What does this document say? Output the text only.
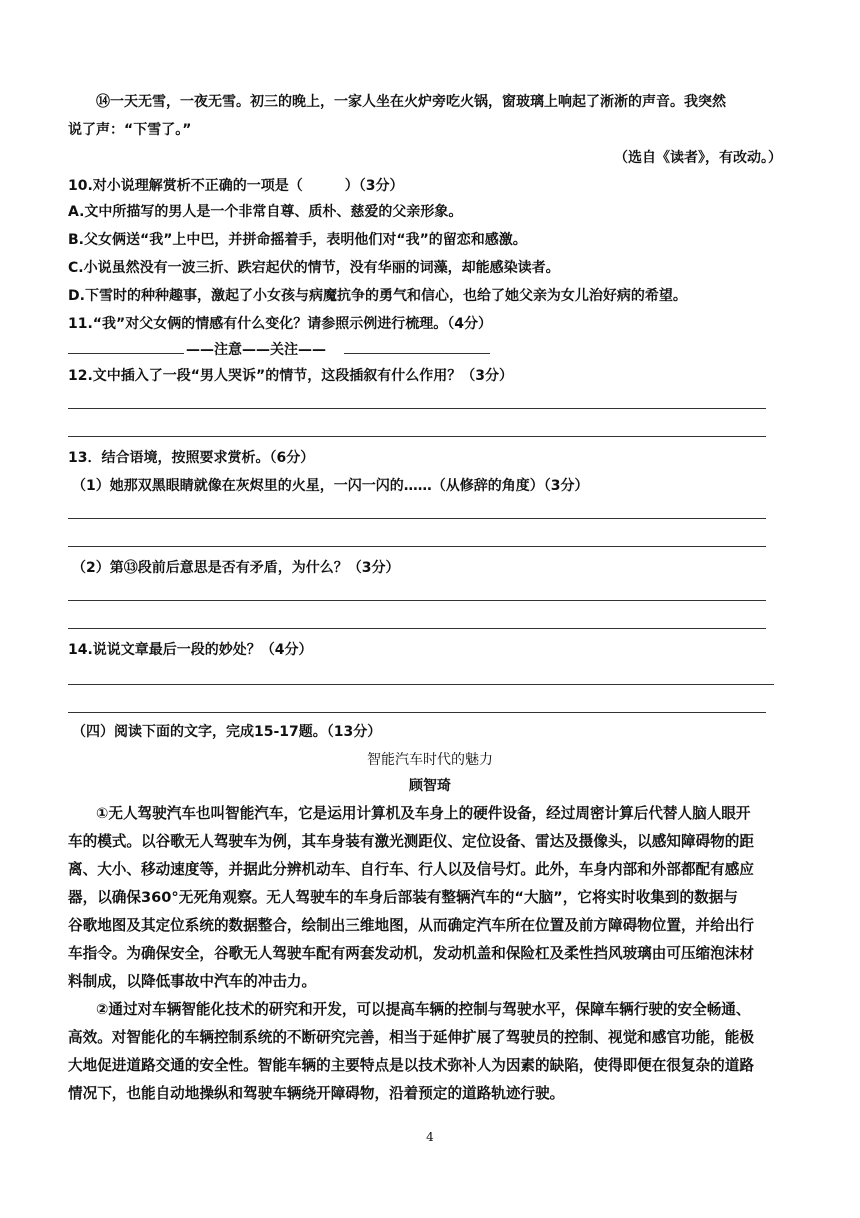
⑭一天无雪，一夜无雪。初三的晚上，一家人坐在火炉旁吃火锅，窗玻璃上响起了淅淅的声音。我突然
说了声：“下雪了。”
（选自《读者》，有改动。）
10.对小说理解赏析不正确的一项是（　　　）（3分）
A.文中所描写的男人是一个非常自尊、质朴、慈爱的父亲形象。
B.父女俩送“我”上中巴，并拼命摇着手，表明他们对“我”的留恋和感激。
C.小说虽然没有一波三折、跌宕起伏的情节，没有华丽的词藻，却能感染读者。
D.下雪时的种种趣事，激起了小女孩与病魔抗争的勇气和信心，也给了她父亲为女儿治好病的希望。
11.“我”对父女俩的情感有什么变化？请参照示例进行梳理。（4分）
——注意——关注——
12.文中插入了一段“男人哭诉”的情节，这段插叙有什么作用？（3分）
13．结合语境，按照要求赏析。（6分）
（1）她那双黑眼睛就像在灰烬里的火星，一闪一闪的……（从修辞的角度）（3分）
（2）第⑬段前后意思是否有矛盾，为什么？（3分）
14.说说文章最后一段的妙处？（4分）
（四）阅读下面的文字，完成15-17题。（13分）
智能汽车时代的魅力
顾智琦
①无人驾驶汽车也叫智能汽车，它是运用计算机及车身上的硬件设备，经过周密计算后代替人脑人眼开
车的模式。以谷歌无人驾驶车为例，其车身装有激光测距仪、定位设备、雷达及摄像头，以感知障碍物的距
离、大小、移动速度等，并据此分辨机动车、自行车、行人以及信号灯。此外，车身内部和外部都配有感应
器，以确保360°无死角观察。无人驾驶车的车身后部装有整辆汽车的“大脑”，它将实时收集到的数据与
谷歌地图及其定位系统的数据整合，绘制出三维地图，从而确定汽车所在位置及前方障碍物位置，并给出行
车指令。为确保安全，谷歌无人驾驶车配有两套发动机，发动机盖和保险杠及柔性挡风玻璃由可压缩泡沫材
料制成，以降低事故中汽车的冲击力。
②通过对车辆智能化技术的研究和开发，可以提高车辆的控制与驾驶水平，保障车辆行驶的安全畅通、
高效。对智能化的车辆控制系统的不断研究完善，相当于延伸扩展了驾驶员的控制、视觉和感官功能，能极
大地促进道路交通的安全性。智能车辆的主要特点是以技术弥补人为因素的缺陷，使得即便在很复杂的道路
情况下，也能自动地操纵和驾驶车辆绕开障碍物，沿着预定的道路轨迹行驶。
4
